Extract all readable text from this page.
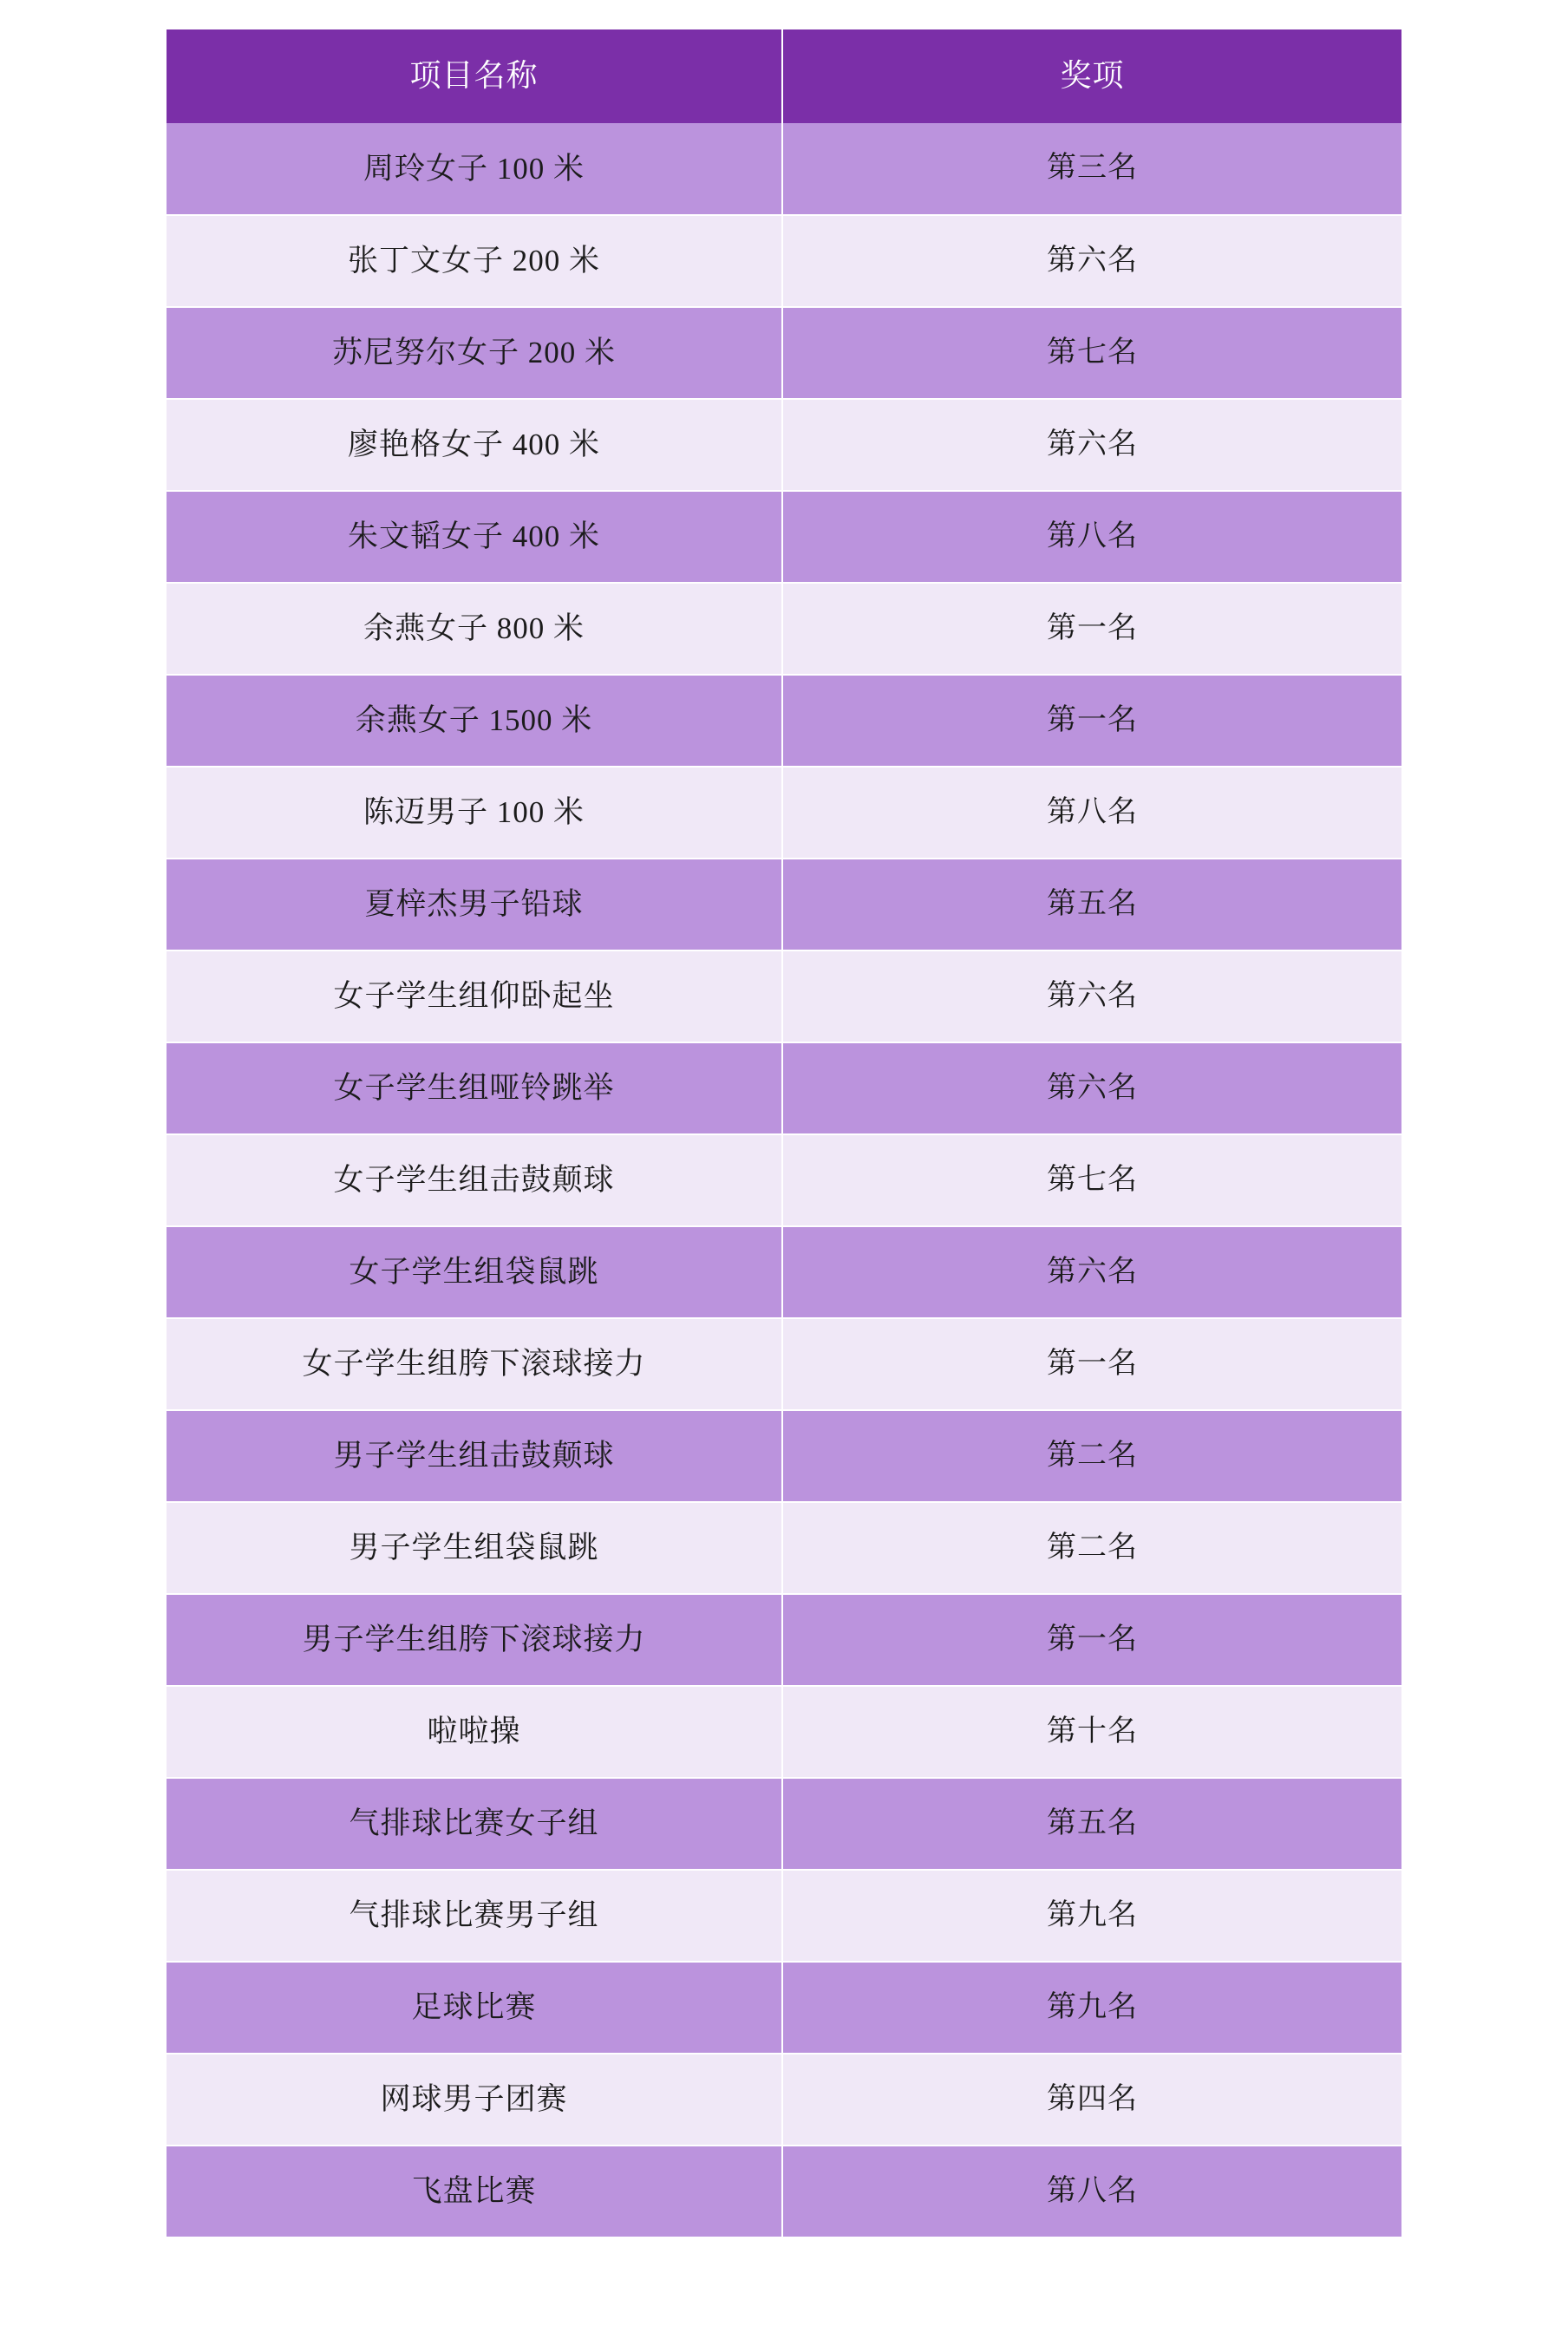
项目名称	奖项
周玲女子 100 米	第三名
张丁文女子 200 米	第六名
苏尼努尔女子 200 米	第七名
廖艳格女子 400 米	第六名
朱文韬女子 400 米	第八名
余燕女子 800 米	第一名
余燕女子 1500 米	第一名
陈迈男子 100 米	第八名
夏梓杰男子铅球	第五名
女子学生组仰卧起坐	第六名
女子学生组哑铃跳举	第六名
女子学生组击鼓颠球	第七名
女子学生组袋鼠跳	第六名
女子学生组胯下滚球接力	第一名
男子学生组击鼓颠球	第二名
男子学生组袋鼠跳	第二名
男子学生组胯下滚球接力	第一名
啦啦操	第十名
气排球比赛女子组	第五名
气排球比赛男子组	第九名
足球比赛	第九名
网球男子团赛	第四名
飞盘比赛	第八名
